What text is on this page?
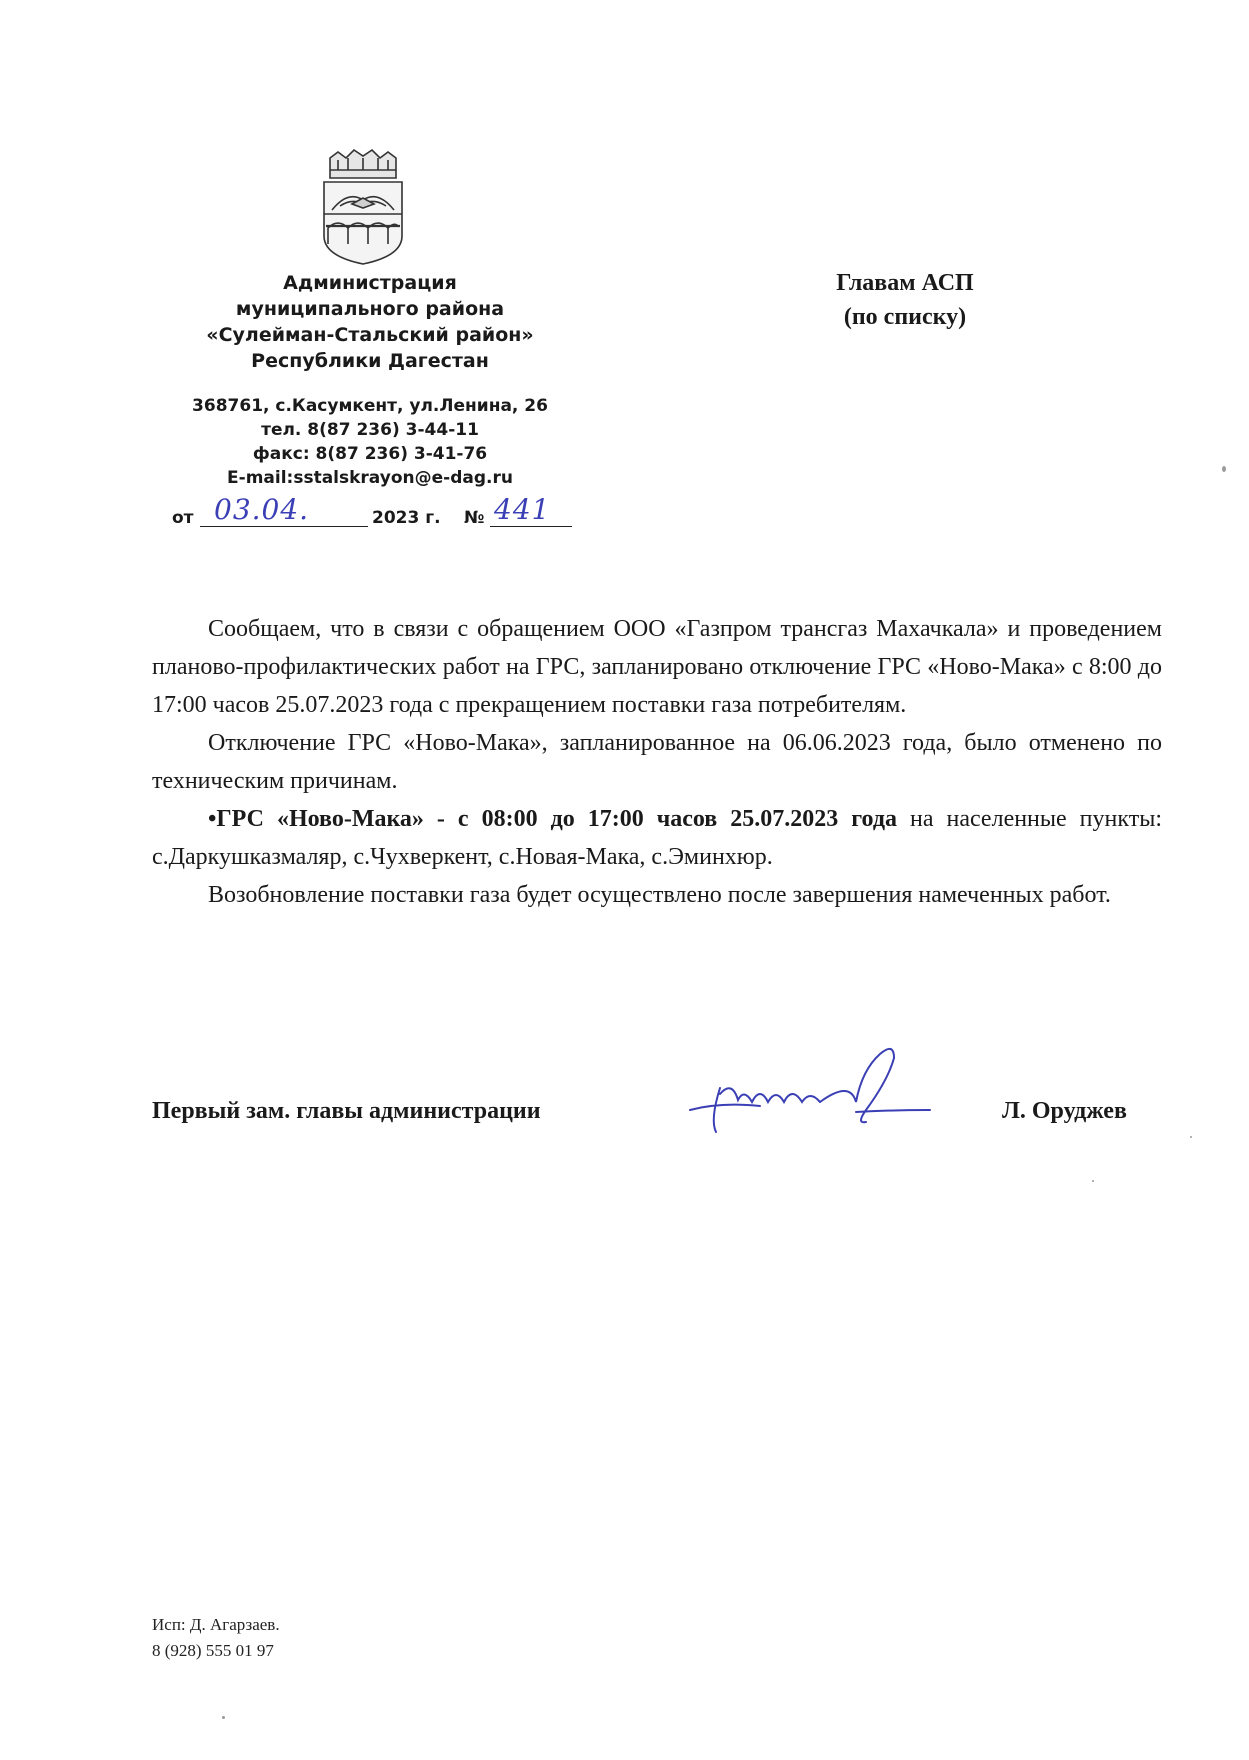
Администрация
муниципального района
«Сулейман-Стальский район»
Республики Дагестан
368761, с.Касумкент, ул.Ленина, 26
тел. 8(87 236) 3-44-11
факс: 8(87 236) 3-41-76
E-mail:sstalskrayon@e-dag.ru
от 03.04.	2023 г. № 441
Главам АСП
(по списку)

Сообщаем, что в связи с обращением ООО «Газпром трансгаз Махачкала» и проведением планово-профилактических работ на ГРС, запланировано отключение ГРС «Ново-Мака» с 8:00 до 17:00 часов 25.07.2023 года с прекращением поставки газа потребителям.

Отключение ГРС «Ново-Мака», запланированное на 06.06.2023 года, было отменено по техническим причинам.

•ГРС «Ново-Мака» - с 08:00 до 17:00 часов 25.07.2023 года на населенные пункты: с.Даркушказмаляр, с.Чухверкент, с.Новая-Мака, с.Эминхюр.

Возобновление поставки газа будет осуществлено после завершения намеченных работ.

Первый зам. главы администрации	Л. Оруджев
Исп: Д. Агарзаев.
8 (928) 555 01 97
